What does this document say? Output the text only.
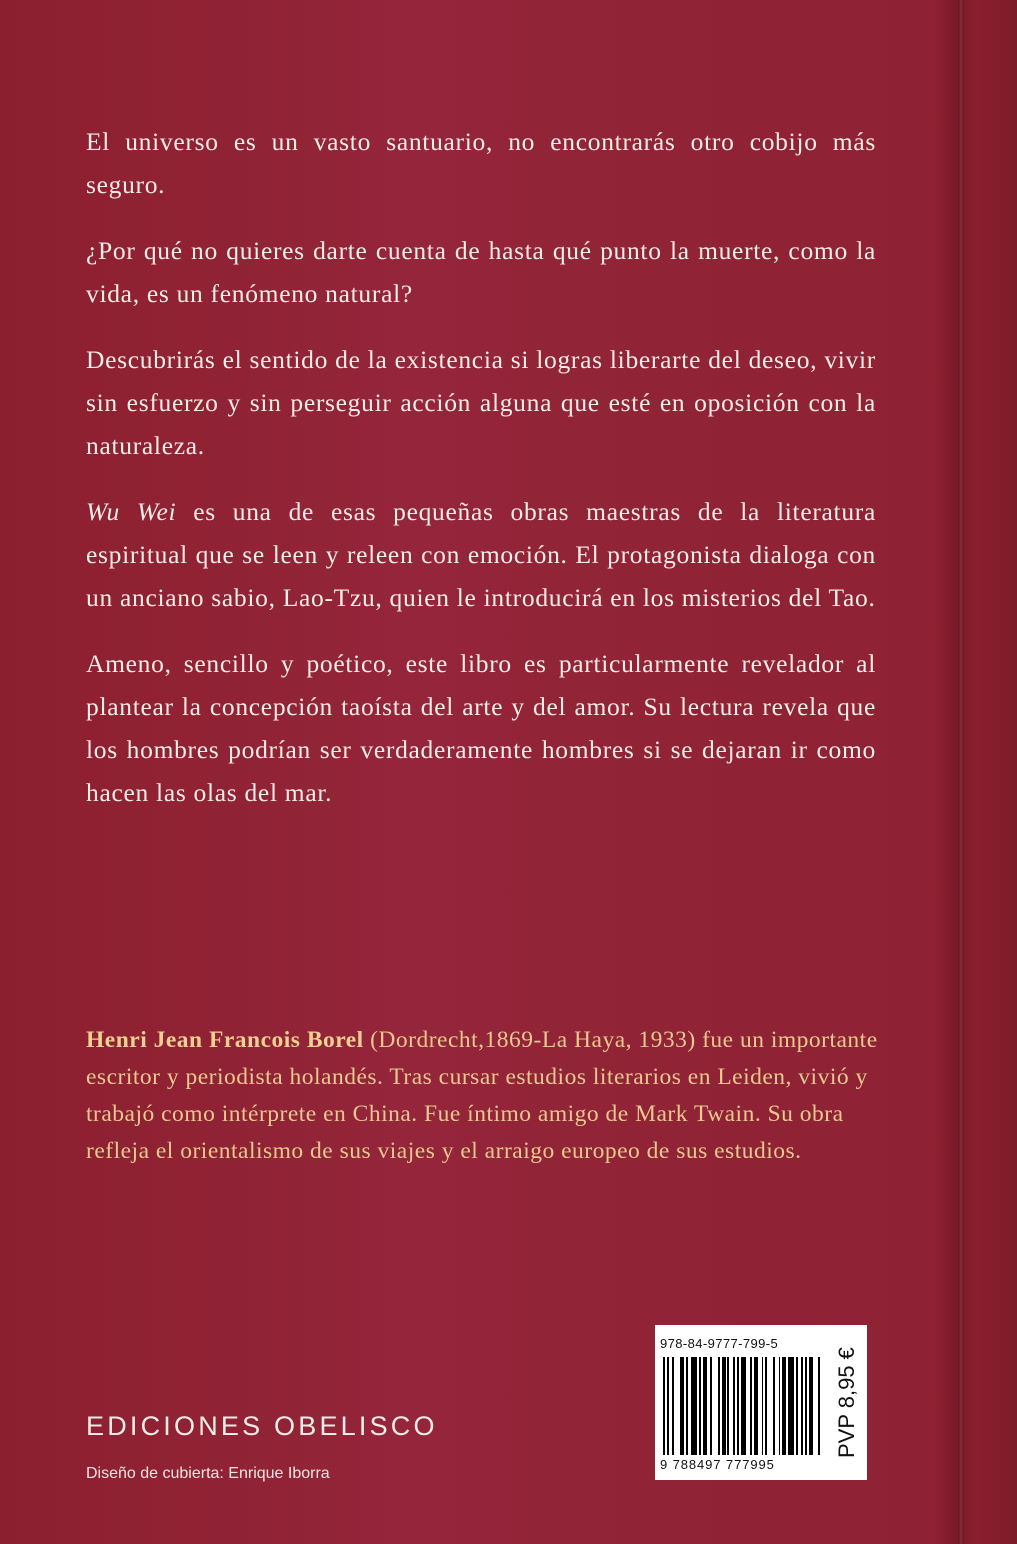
El universo es un vasto santuario, no encontrarás otro cobijo más seguro.

¿Por qué no quieres darte cuenta de hasta qué punto la muerte, como la vida, es un fenómeno natural?

Descubrirás el sentido de la existencia si logras liberarte del deseo, vivir sin esfuerzo y sin perseguir acción alguna que esté en oposición con la naturaleza.

Wu Wei es una de esas pequeñas obras maestras de la literatura espiritual que se leen y releen con emoción. El protagonista dialoga con un anciano sabio, Lao-Tzu, quien le introducirá en los misterios del Tao.

Ameno, sencillo y poético, este libro es particularmente revelador al plantear la concepción taoísta del arte y del amor. Su lectura revela que los hombres podrían ser verdaderamente hombres si se dejaran ir como hacen las olas del mar.

Henri Jean Francois Borel (Dordrecht,1869-La Haya, 1933) fue un importante escritor y periodista holandés. Tras cursar estudios literarios en Leiden, vivió y trabajó como intérprete en China. Fue íntimo amigo de Mark Twain. Su obra refleja el orientalismo de sus viajes y el arraigo europeo de sus estudios.
EDICIONES OBELISCO
Diseño de cubierta: Enrique Iborra
978-84-9777-799-5
9 788497 777995
PVP 8,95 €
